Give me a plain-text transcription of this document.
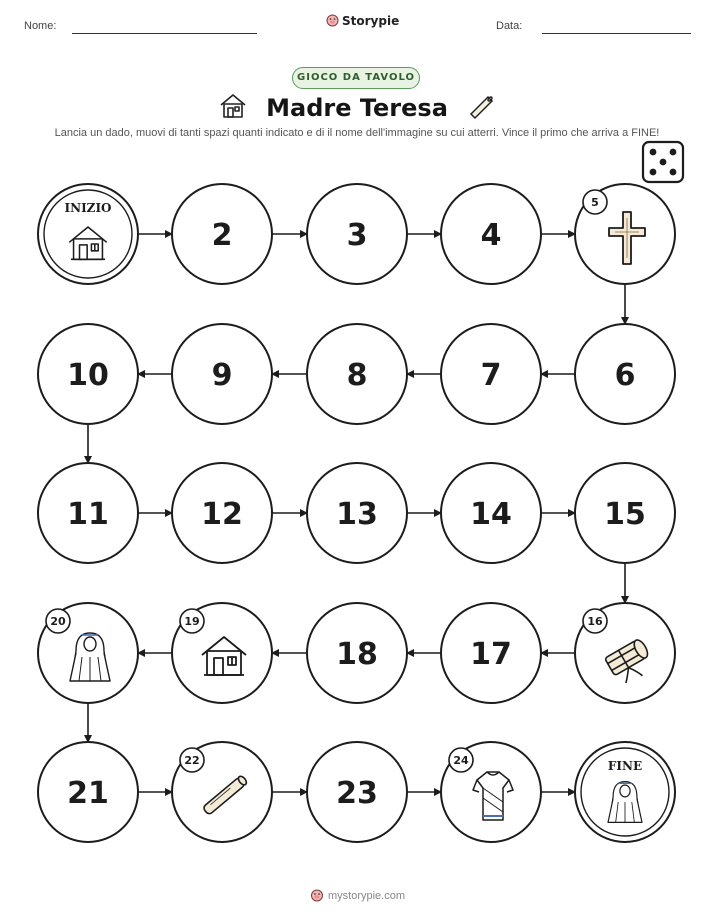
Nome:	Storypie	Data:
GIOCO DA TAVOLO
Madre Teresa
Lancia un dado, muovi di tanti spazi quanti indicato e di il nome dell'immagine su cui atterri. Vince il primo che arriva a FINE!
INIZIO
2	3	4
5
6
7
8
9
10
11	12	13	14	15
16
17
18
19
20
21
22
23
24	FINE
mystorypie.com
